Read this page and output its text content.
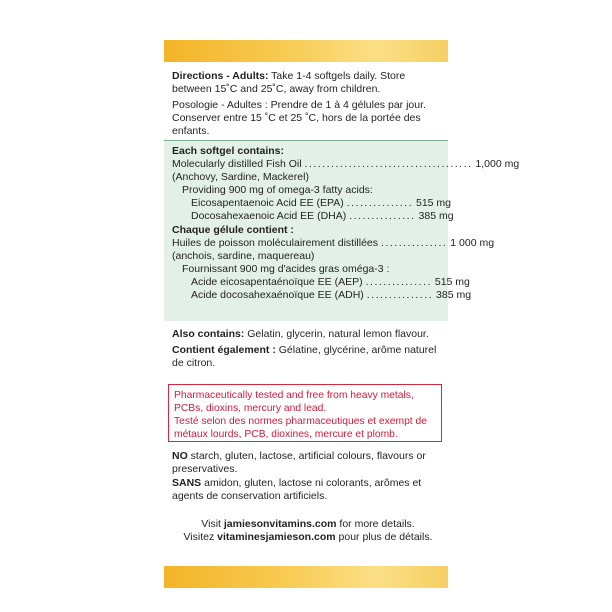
Directions - Adults: Take 1-4 softgels daily. Store between 15˚C and 25˚C, away from children.

Posologie - Adultes : Prendre de 1 à 4 gélules par jour. Conserver entre 15 ˚C et 25 ˚C, hors de la portée des enfants.

Each softgel contains:

Molecularly distilled Fish Oil ...................................... 1,000 mg

(Anchovy, Sardine, Mackerel)

Providing 900 mg of omega-3 fatty acids:

Eicosapentaenoic Acid EE (EPA) ............... 515 mg
Docosahexaenoic Acid EE (DHA) ............... 385 mg

Chaque gélule contient :

Huiles de poisson moléculairement distillées ............... 1 000 mg

(anchois, sardine, maquereau)

Fournissant 900 mg d'acides gras oméga-3 :

Acide eicosapentaénoïque EE (AEP) ............... 515 mg
Acide docosahexaénoïque EE (ADH) ............... 385 mg

Also contains: Gelatin, glycerin, natural lemon flavour.

Contient également : Gélatine, glycérine, arôme naturel de citron.

Pharmaceutically tested and free from heavy metals, PCBs, dioxins, mercury and lead.

Testé selon des normes pharmaceutiques et exempt de métaux lourds, PCB, dioxines, mercure et plomb.

NO starch, gluten, lactose, artificial colours, flavours or preservatives.

SANS amidon, gluten, lactose ni colorants, arômes et agents de conservation artificiels.

Visit jamiesonvitamins.com for more details.

Visitez vitaminesjamieson.com pour plus de détails.
